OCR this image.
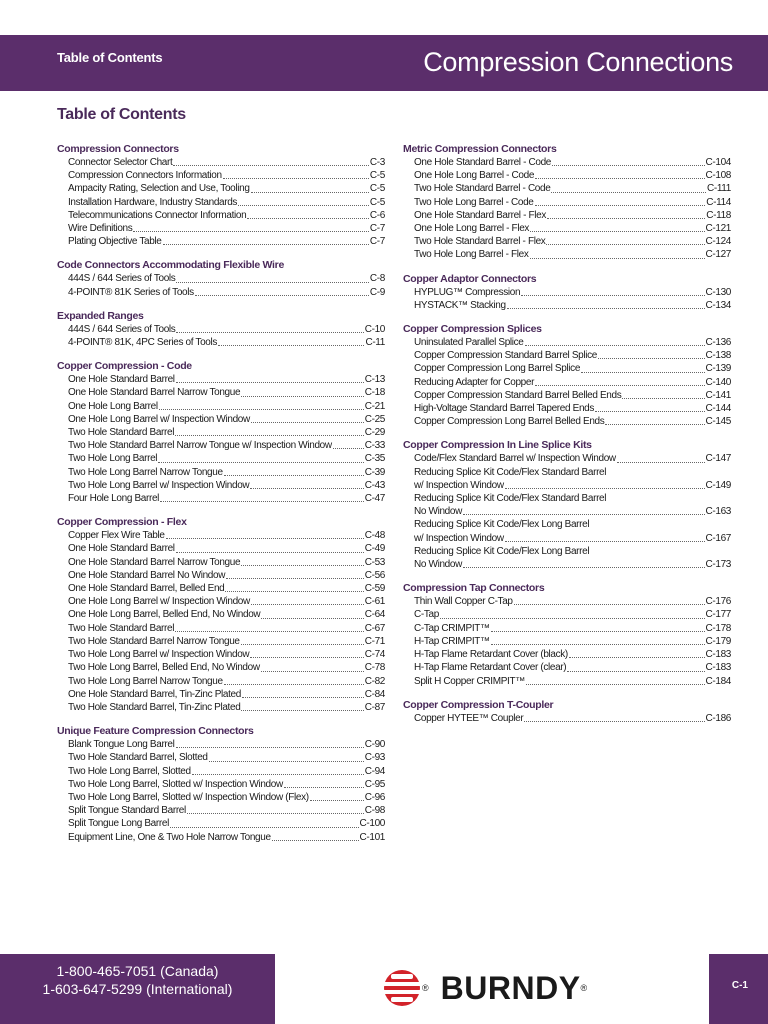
Table of Contents	Compression Connections
Table of Contents
Compression Connectors
Connector Selector Chart	C-3
Compression Connectors Information	C-5
Ampacity Rating, Selection and Use, Tooling	C-5
Installation Hardware, Industry Standards	C-5
Telecommunications Connector Information	C-6
Wire Definitions	C-7
Plating Objective Table	C-7
Code Connectors Accommodating Flexible Wire
444S / 644 Series of Tools	C-8
4-POINT® 81K Series of Tools	C-9
Expanded Ranges
444S / 644 Series of Tools	C-10
4-POINT® 81K, 4PC Series of Tools	C-11
Copper Compression - Code
One Hole Standard Barrel	C-13
One Hole Standard Barrel Narrow Tongue	C-18
One Hole Long Barrel	C-21
One Hole Long Barrel w/ Inspection Window	C-25
Two Hole Standard Barrel	C-29
Two Hole Standard Barrel Narrow Tongue w/ Inspection Window	C-33
Two Hole Long Barrel	C-35
Two Hole Long Barrel Narrow Tongue	C-39
Two Hole Long Barrel w/ Inspection Window	C-43
Four Hole Long Barrel	C-47
Copper Compression - Flex
Copper Flex Wire Table	C-48
One Hole Standard Barrel	C-49
One Hole Standard Barrel Narrow Tongue	C-53
One Hole Standard Barrel No Window	C-56
One Hole Standard Barrel, Belled End	C-59
One Hole Long Barrel w/ Inspection Window	C-61
One Hole Long Barrel, Belled End, No Window	C-64
Two Hole Standard Barrel	C-67
Two Hole Standard Barrel Narrow Tongue	C-71
Two Hole Long Barrel w/ Inspection Window	C-74
Two Hole Long Barrel, Belled End, No Window	C-78
Two Hole Long Barrel Narrow Tongue	C-82
One Hole Standard Barrel, Tin-Zinc Plated	C-84
Two Hole Standard Barrel, Tin-Zinc Plated	C-87
Unique Feature Compression Connectors
Blank Tongue Long Barrel	C-90
Two Hole Standard Barrel, Slotted	C-93
Two Hole Long Barrel, Slotted	C-94
Two Hole Long Barrel, Slotted w/ Inspection Window	C-95
Two Hole Long Barrel, Slotted w/ Inspection Window (Flex)	C-96
Split Tongue Standard Barrel	C-98
Split Tongue Long Barrel	C-100
Equipment Line, One & Two Hole Narrow Tongue	C-101
Metric Compression Connectors
One Hole Standard Barrel - Code	C-104
One Hole Long Barrel - Code	C-108
Two Hole Standard Barrel - Code	C-111
Two Hole Long Barrel - Code	C-114
One Hole Standard Barrel - Flex	C-118
One Hole Long Barrel - Flex	C-121
Two Hole Standard Barrel - Flex	C-124
Two Hole Long Barrel - Flex	C-127
Copper Adaptor Connectors
HYPLUG™ Compression	C-130
HYSTACK™ Stacking	C-134
Copper Compression Splices
Uninsulated Parallel Splice	C-136
Copper Compression Standard Barrel Splice	C-138
Copper Compression Long Barrel Splice	C-139
Reducing Adapter for Copper	C-140
Copper Compression Standard Barrel Belled Ends	C-141
High-Voltage Standard Barrel Tapered Ends	C-144
Copper Compression Long Barrel Belled Ends	C-145
Copper Compression In Line Splice Kits
Code/Flex Standard Barrel w/ Inspection Window	C-147
Reducing Splice Kit Code/Flex Standard Barrel
w/ Inspection Window	C-149
Reducing Splice Kit Code/Flex Standard Barrel
No Window	C-163
Reducing Splice Kit Code/Flex Long Barrel
w/ Inspection Window	C-167
Reducing Splice Kit Code/Flex Long Barrel
No Window	C-173
Compression Tap Connectors
Thin Wall Copper C-Tap	C-176
C-Tap	C-177
C-Tap CRIMPIT™	C-178
H-Tap CRIMPIT™	C-179
H-Tap Flame Retardant Cover (black)	C-183
H-Tap Flame Retardant Cover (clear)	C-183
Split H Copper CRIMPIT™	C-184
Copper Compression T-Coupler
Copper HYTEE™ Coupler	C-186
1-800-465-7051 (Canada)
1-603-647-5299 (International)	® BURNDY ®	C-1
